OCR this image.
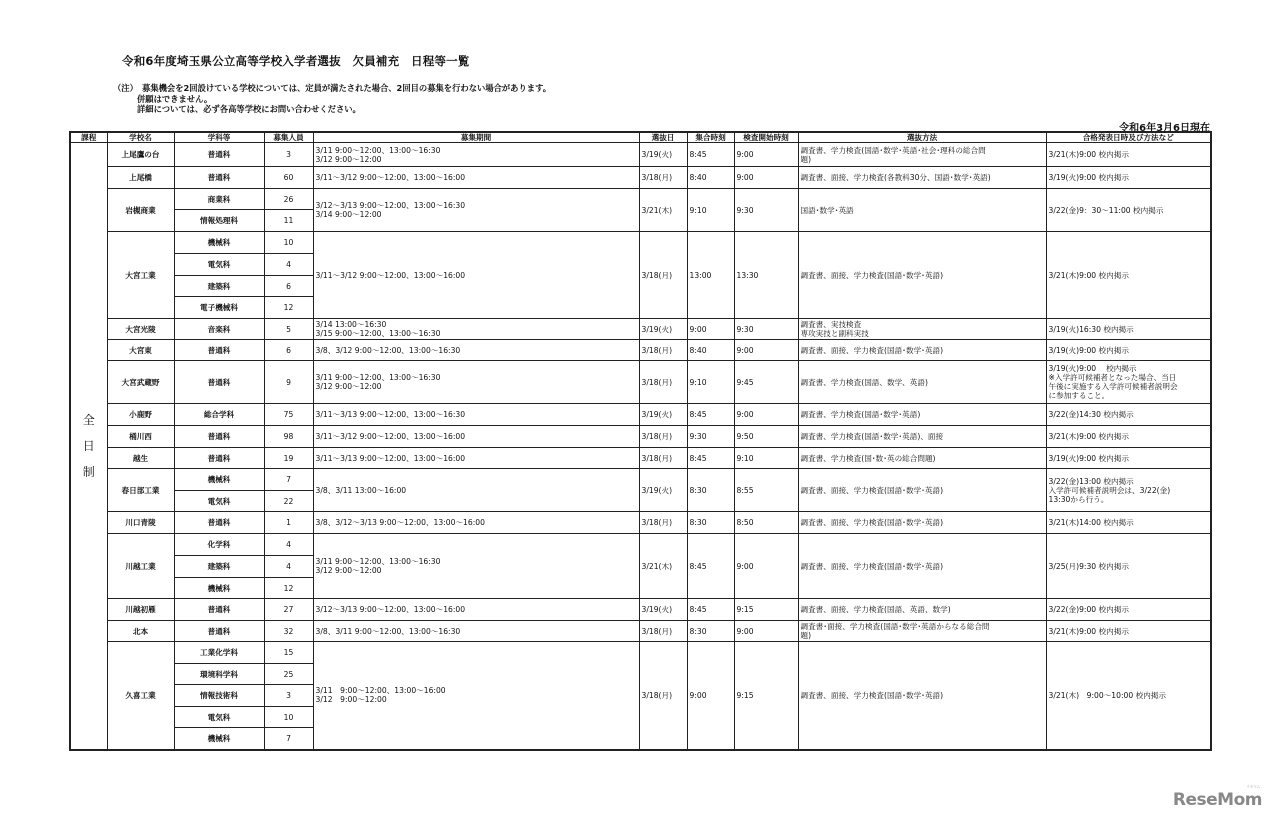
令和6年度埼玉県公立高等学校入学者選抜　欠員補充　日程等一覧
（注）　募集機会を2回設けている学校については、定員が満たされた場合、2回目の募集を行わない場合があります。
併願はできません。
詳細については、必ず各高等学校にお問い合わせください。
令和6年3月6日現在
課程	学校名	学科等	募集人員	募集期間	選抜日	集合時刻	検査開始時刻	選抜方法	合格発表日時及び方法など

全
日
制	上尾鷹の台	普通科	3	3/11 9:00～12:00、13:00～16:30
3/12 9:00～12:00	3/19(火)	8:45	9:00	調査書、学力検査(国語･数学･英語･社会･理科の総合問
題)	3/21(木)9:00 校内掲示

	上尾橋	普通科	60	3/11～3/12 9:00～12:00、13:00～16:00	3/18(月)	8:40	9:00	調査書、面接、学力検査(各教科30分、国語･数学･英語)	3/19(火)9:00 校内掲示

	岩槻商業	商業科	26	3/12～3/13 9:00～12:00、13:00～16:30
3/14 9:00～12:00	3/21(木)	9:10	9:30	国語･数学･英語	3/22(金)9：30～11:00 校内掲示

		情報処理科	11						
	大宮工業	機械科	10	3/11～3/12 9:00～12:00、13:00～16:00	3/18(月)	13:00	13:30	調査書、面接、学力検査(国語･数学･英語)	3/21(木)9:00 校内掲示

		電気科	4						
		建築科	6						
		電子機械科	12						
	大宮光陵	音楽科	5	3/14 13:00～16:30
3/15 9:00～12:00、13:00～16:30	3/19(火)	9:00	9:30	調査書、実技検査
専攻実技と副科実技	3/19(火)16:30 校内掲示

	大宮東	普通科	6	3/8、3/12 9:00～12:00、13:00～16:30	3/18(月)	8:40	9:00	調査書、面接、学力検査(国語･数学･英語)	3/19(火)9:00 校内掲示

	大宮武蔵野	普通科	9	3/11 9:00～12:00、13:00～16:30
3/12 9:00～12:00	3/18(月)	9:10	9:45	調査書、学力検査(国語、数学、英語)	3/19(火)9:00　 校内掲示
※入学許可候補者となった場合、当日
午後に実施する入学許可候補者説明会
に参加すること。

	小鹿野	総合学科	75	3/11～3/13 9:00～12:00、13:00～16:30	3/19(火)	8:45	9:00	調査書、学力検査(国語･数学･英語)	3/22(金)14:30 校内掲示

	桶川西	普通科	98	3/11～3/12 9:00～12:00、13:00～16:00	3/18(月)	9:30	9:50	調査書、学力検査(国語･数学･英語)、面接	3/21(木)9:00 校内掲示

	越生	普通科	19	3/11～3/13 9:00～12:00、13:00～16:00	3/18(月)	8:45	9:10	調査書、学力検査(国･数･英の総合問題)	3/19(火)9:00 校内掲示

	春日部工業	機械科	7	3/8、3/11 13:00～16:00	3/19(火)	8:30	8:55	調査書、面接、学力検査(国語･数学･英語)	3/22(金)13:00 校内掲示
入学許可候補者説明会は、3/22(金)
13:30から行う。

		電気科	22						
	川口青陵	普通科	1	3/8、3/12～3/13 9:00～12:00、13:00～16:00	3/18(月)	8:30	8:50	調査書、面接、学力検査(国語･数学･英語)	3/21(木)14:00 校内掲示

	川越工業	化学科	4	3/11 9:00～12:00、13:00～16:30
3/12 9:00～12:00	3/21(木)	8:45	9:00	調査書、面接、学力検査(国語･数学･英語)	3/25(月)9:30 校内掲示

		建築科	4						
		機械科	12						
	川越初雁	普通科	27	3/12～3/13 9:00～12:00、13:00～16:00	3/19(火)	8:45	9:15	調査書、面接、学力検査(国語、英語、数学)	3/22(金)9:00 校内掲示

	北本	普通科	32	3/8、3/11 9:00～12:00、13:00～16:30	3/18(月)	8:30	9:00	調査書･面接、学力検査(国語･数学･英語からなる総合問
題)	3/21(木)9:00 校内掲示

	久喜工業	工業化学科	15	3/11　9:00～12:00、13:00～16:00
3/12　9:00～12:00	3/18(月)	9:00	9:15	調査書、面接、学力検査(国語･数学･英語)	3/21(木)　9:00～10:00 校内掲示

		環境科学科	25						
		情報技術科	3						
		電気科	10						
		機械科	7						
ReseMom
リセマム
